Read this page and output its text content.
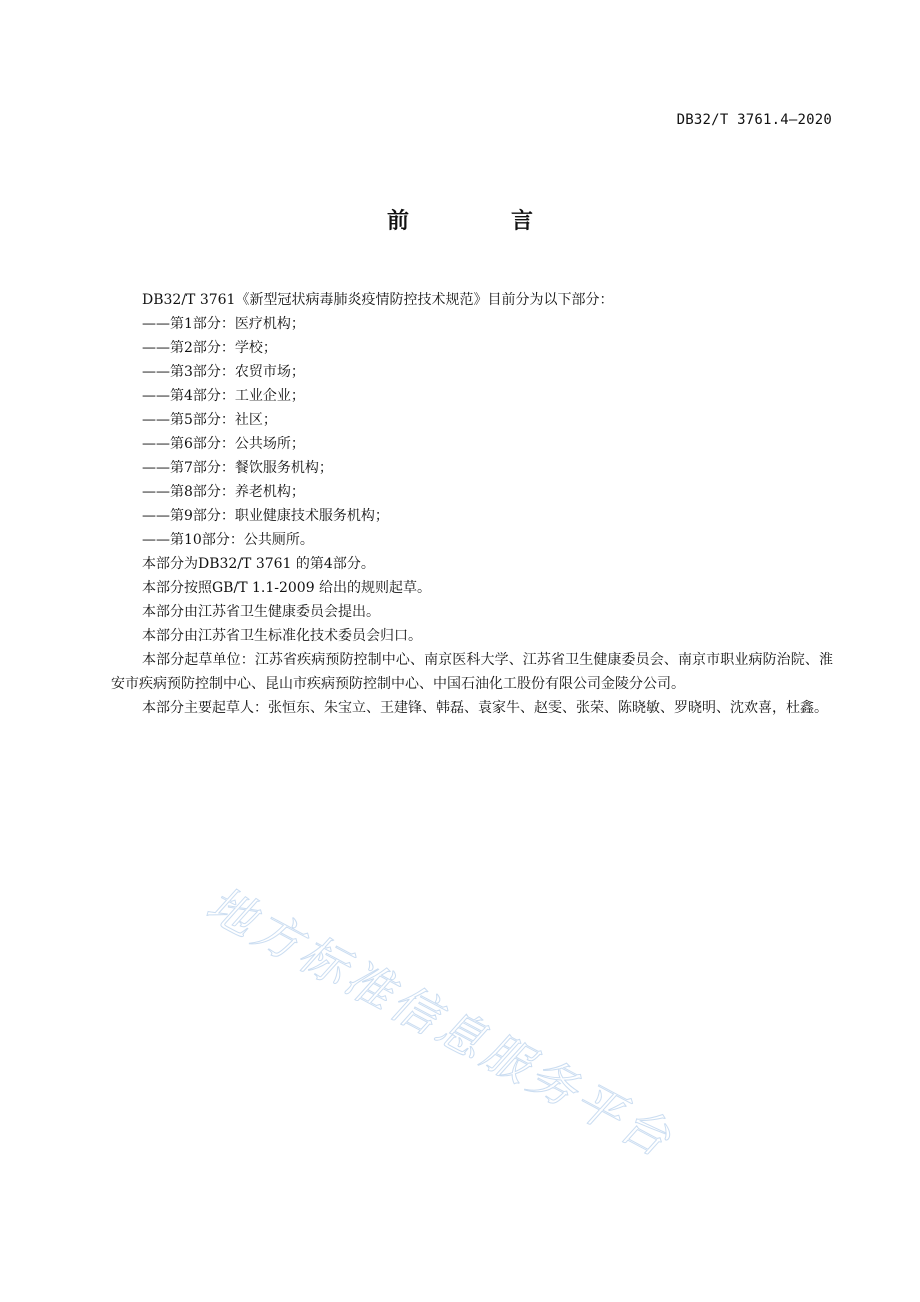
DB32/T 3761.4—2020
前　言

DB32/T 3761《新型冠状病毒肺炎疫情防控技术规范》目前分为以下部分：

——第1部分：医疗机构；

——第2部分：学校；

——第3部分：农贸市场；

——第4部分：工业企业；

——第5部分：社区；

——第6部分：公共场所；

——第7部分：餐饮服务机构；

——第8部分：养老机构；

——第9部分：职业健康技术服务机构；

——第10部分：公共厕所。

本部分为DB32/T 3761 的第4部分。

本部分按照GB/T 1.1-2009 给出的规则起草。

本部分由江苏省卫生健康委员会提出。

本部分由江苏省卫生标准化技术委员会归口。

本部分起草单位：江苏省疾病预防控制中心、南京医科大学、江苏省卫生健康委员会、南京市职业病防治院、淮安市疾病预防控制中心、昆山市疾病预防控制中心、中国石油化工股份有限公司金陵分公司。

本部分主要起草人：张恒东、朱宝立、王建锋、韩磊、袁家牛、赵雯、张荣、陈晓敏、罗晓明、沈欢喜，杜鑫。

地方标准信息服务平台
